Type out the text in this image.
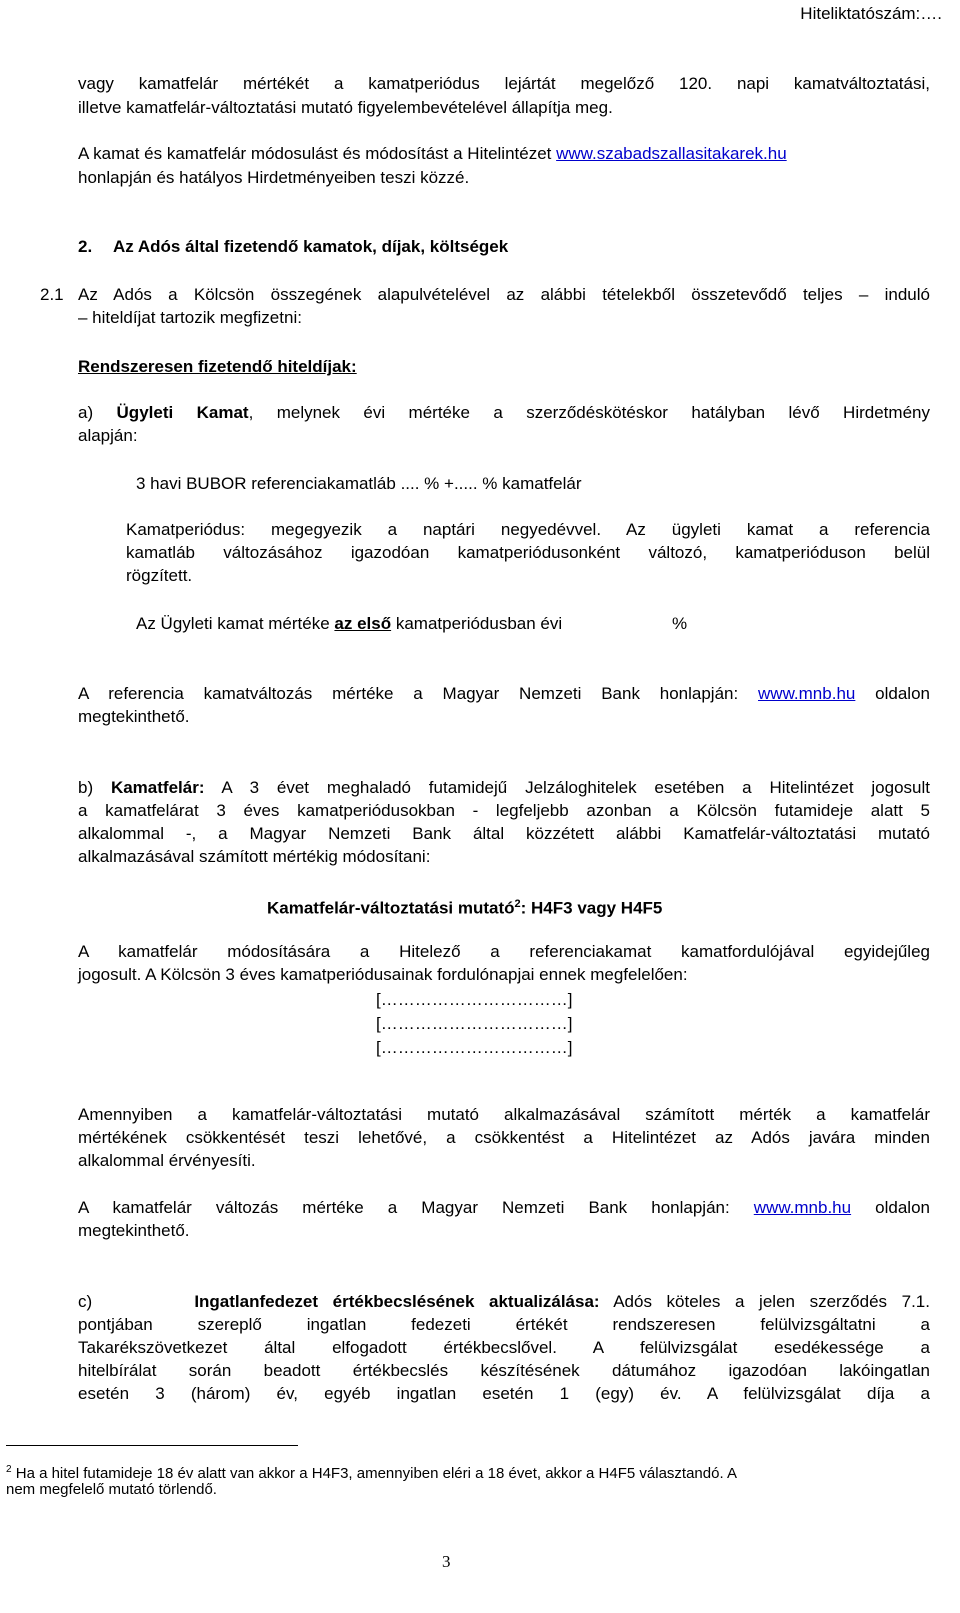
Hiteliktatószám:….
vagy kamatfelár mértékét a kamatperiódus lejártát megelőző 120. napi kamatváltoztatási,
illetve kamatfelár-változtatási mutató figyelembevételével állapítja meg.
A kamat és kamatfelár módosulást és módosítást a Hitelintézet www.szabadszallasitakarek.hu
honlapján és hatályos Hirdetményeiben teszi közzé.
2. Az Adós által fizetendő kamatok, díjak, költségek
2.1 Az Adós a Kölcsön összegének alapulvételével az alábbi tételekből összetevődő teljes – induló
– hiteldíjat tartozik megfizetni:
Rendszeresen fizetendő hiteldíjak:
a) Ügyleti Kamat, melynek évi mértéke a szerződéskötéskor hatályban lévő Hirdetmény
alapján:
3 havi BUBOR referenciakamatláb .... % +..... % kamatfelár
Kamatperiódus: megegyezik a naptári negyedévvel. Az ügyleti kamat a referencia
kamatláb változásához igazodóan kamatperiódusonként változó, kamatperióduson belül
rögzített.
Az Ügyleti kamat mértéke az első kamatperiódusban évi	%
A referencia kamatváltozás mértéke a Magyar Nemzeti Bank honlapján: www.mnb.hu oldalon
megtekinthető.
b) Kamatfelár: A 3 évet meghaladó futamidejű Jelzáloghitelek esetében a Hitelintézet jogosult
a kamatfelárat 3 éves kamatperiódusokban - legfeljebb azonban a Kölcsön futamideje alatt 5
alkalommal -, a Magyar Nemzeti Bank által közzétett alábbi Kamatfelár-változtatási mutató
alkalmazásával számított mértékig módosítani:
Kamatfelár-változtatási mutató$^2$: H4F3 vagy H4F5
A kamatfelár módosítására a Hitelező a referenciakamat kamatfordulójával egyidejűleg
jogosult. A Kölcsön 3 éves kamatperiódusainak fordulónapjai ennek megfelelően:
[……………………………]
[……………………………]
[……………………………]
Amennyiben a kamatfelár-változtatási mutató alkalmazásával számított mérték a kamatfelár
mértékének csökkentését teszi lehetővé, a csökkentést a Hitelintézet az Adós javára minden
alkalommal érvényesíti.
A kamatfelár változás mértéke a Magyar Nemzeti Bank honlapján: www.mnb.hu oldalon
megtekinthető.
c)	Ingatlanfedezet értékbecslésének aktualizálása: Adós köteles a jelen szerződés 7.1.
pontjában szereplő ingatlan fedezeti értékét rendszeresen felülvizsgáltatni a
Takarékszövetkezet által elfogadott értékbecslővel. A felülvizsgálat esedékessége a
hitelbírálat során beadott értékbecslés készítésének dátumához igazodóan lakóingatlan
esetén 3 (három) év, egyéb ingatlan esetén 1 (egy) év. A felülvizsgálat díja a
$^2$ Ha a hitel futamideje 18 év alatt van akkor a H4F3, amennyiben eléri a 18 évet, akkor a H4F5 választandó. A
nem megfelelő mutató törlendő.
3
